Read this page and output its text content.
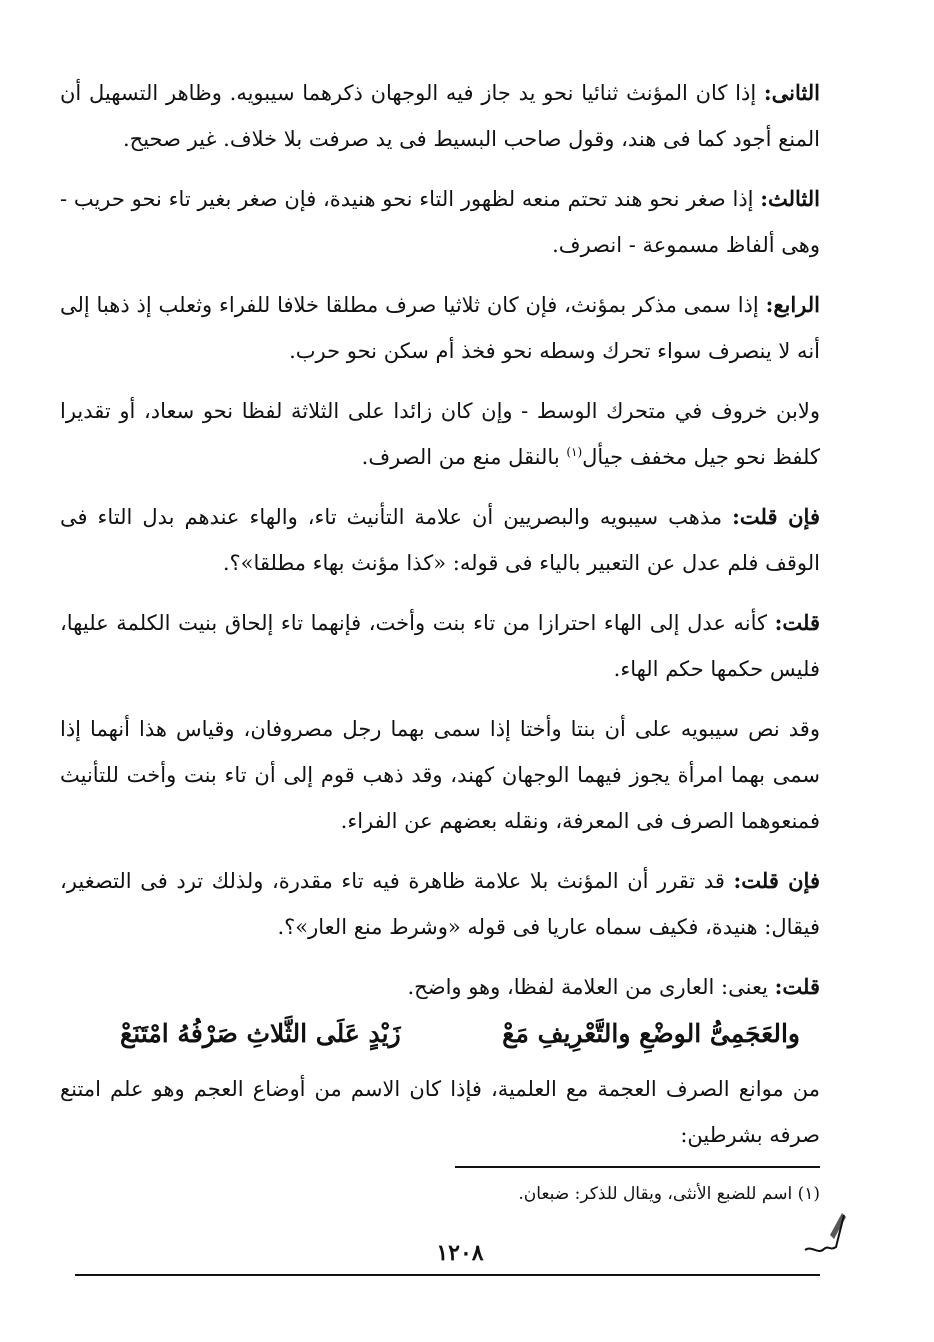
الثانى: إذا كان المؤنث ثنائيا نحو يد جاز فيه الوجهان ذكرهما سيبويه. وظاهر التسهيل أن المنع أجود كما فى هند، وقول صاحب البسيط فى يد صرفت بلا خلاف. غير صحيح.

الثالث: إذا صغر نحو هند تحتم منعه لظهور التاء نحو هنيدة، فإن صغر بغير تاء نحو حريب - وهى ألفاظ مسموعة - انصرف.

الرابع: إذا سمى مذكر بمؤنث، فإن كان ثلاثيا صرف مطلقا خلافا للفراء وثعلب إذ ذهبا إلى أنه لا ينصرف سواء تحرك وسطه نحو فخذ أم سكن نحو حرب.

ولابن خروف في متحرك الوسط - وإن كان زائدا على الثلاثة لفظا نحو سعاد، أو تقديرا كلفظ نحو جيل مخفف جيأل$^{(١)}$ بالنقل منع من الصرف.

فإن قلت: مذهب سيبويه والبصريين أن علامة التأنيث تاء، والهاء عندهم بدل التاء فى الوقف فلم عدل عن التعبير بالياء فى قوله: «كذا مؤنث بهاء مطلقا»؟.

قلت: كأنه عدل إلى الهاء احترازا من تاء بنت وأخت، فإنهما تاء إلحاق بنيت الكلمة عليها، فليس حكمها حكم الهاء.

وقد نص سيبويه على أن بنتا وأختا إذا سمى بهما رجل مصروفان، وقياس هذا أنهما إذا سمى بهما امرأة يجوز فيهما الوجهان كهند، وقد ذهب قوم إلى أن تاء بنت وأخت للتأنيث فمنعوهما الصرف فى المعرفة، ونقله بعضهم عن الفراء.

فإن قلت: قد تقرر أن المؤنث بلا علامة ظاهرة فيه تاء مقدرة، ولذلك ترد فى التصغير، فيقال: هنيدة، فكيف سماه عاريا فى قوله «وشرط منع العار»؟.

قلت: يعنى: العارى من العلامة لفظا، وهو واضح.

والعَجَمِىُّ الوضْعِ والتَّعْرِيفِ مَعْ
زَيْدٍ عَلَى الثَّلاثِ صَرْفُهُ امْتَنَعْ

من موانع الصرف العجمة مع العلمية، فإذا كان الاسم من أوضاع العجم وهو علم امتنع صرفه بشرطين:

(١) اسم للضبع الأنثى، ويقال للذكر: ضبعان.
١٢٠٨
